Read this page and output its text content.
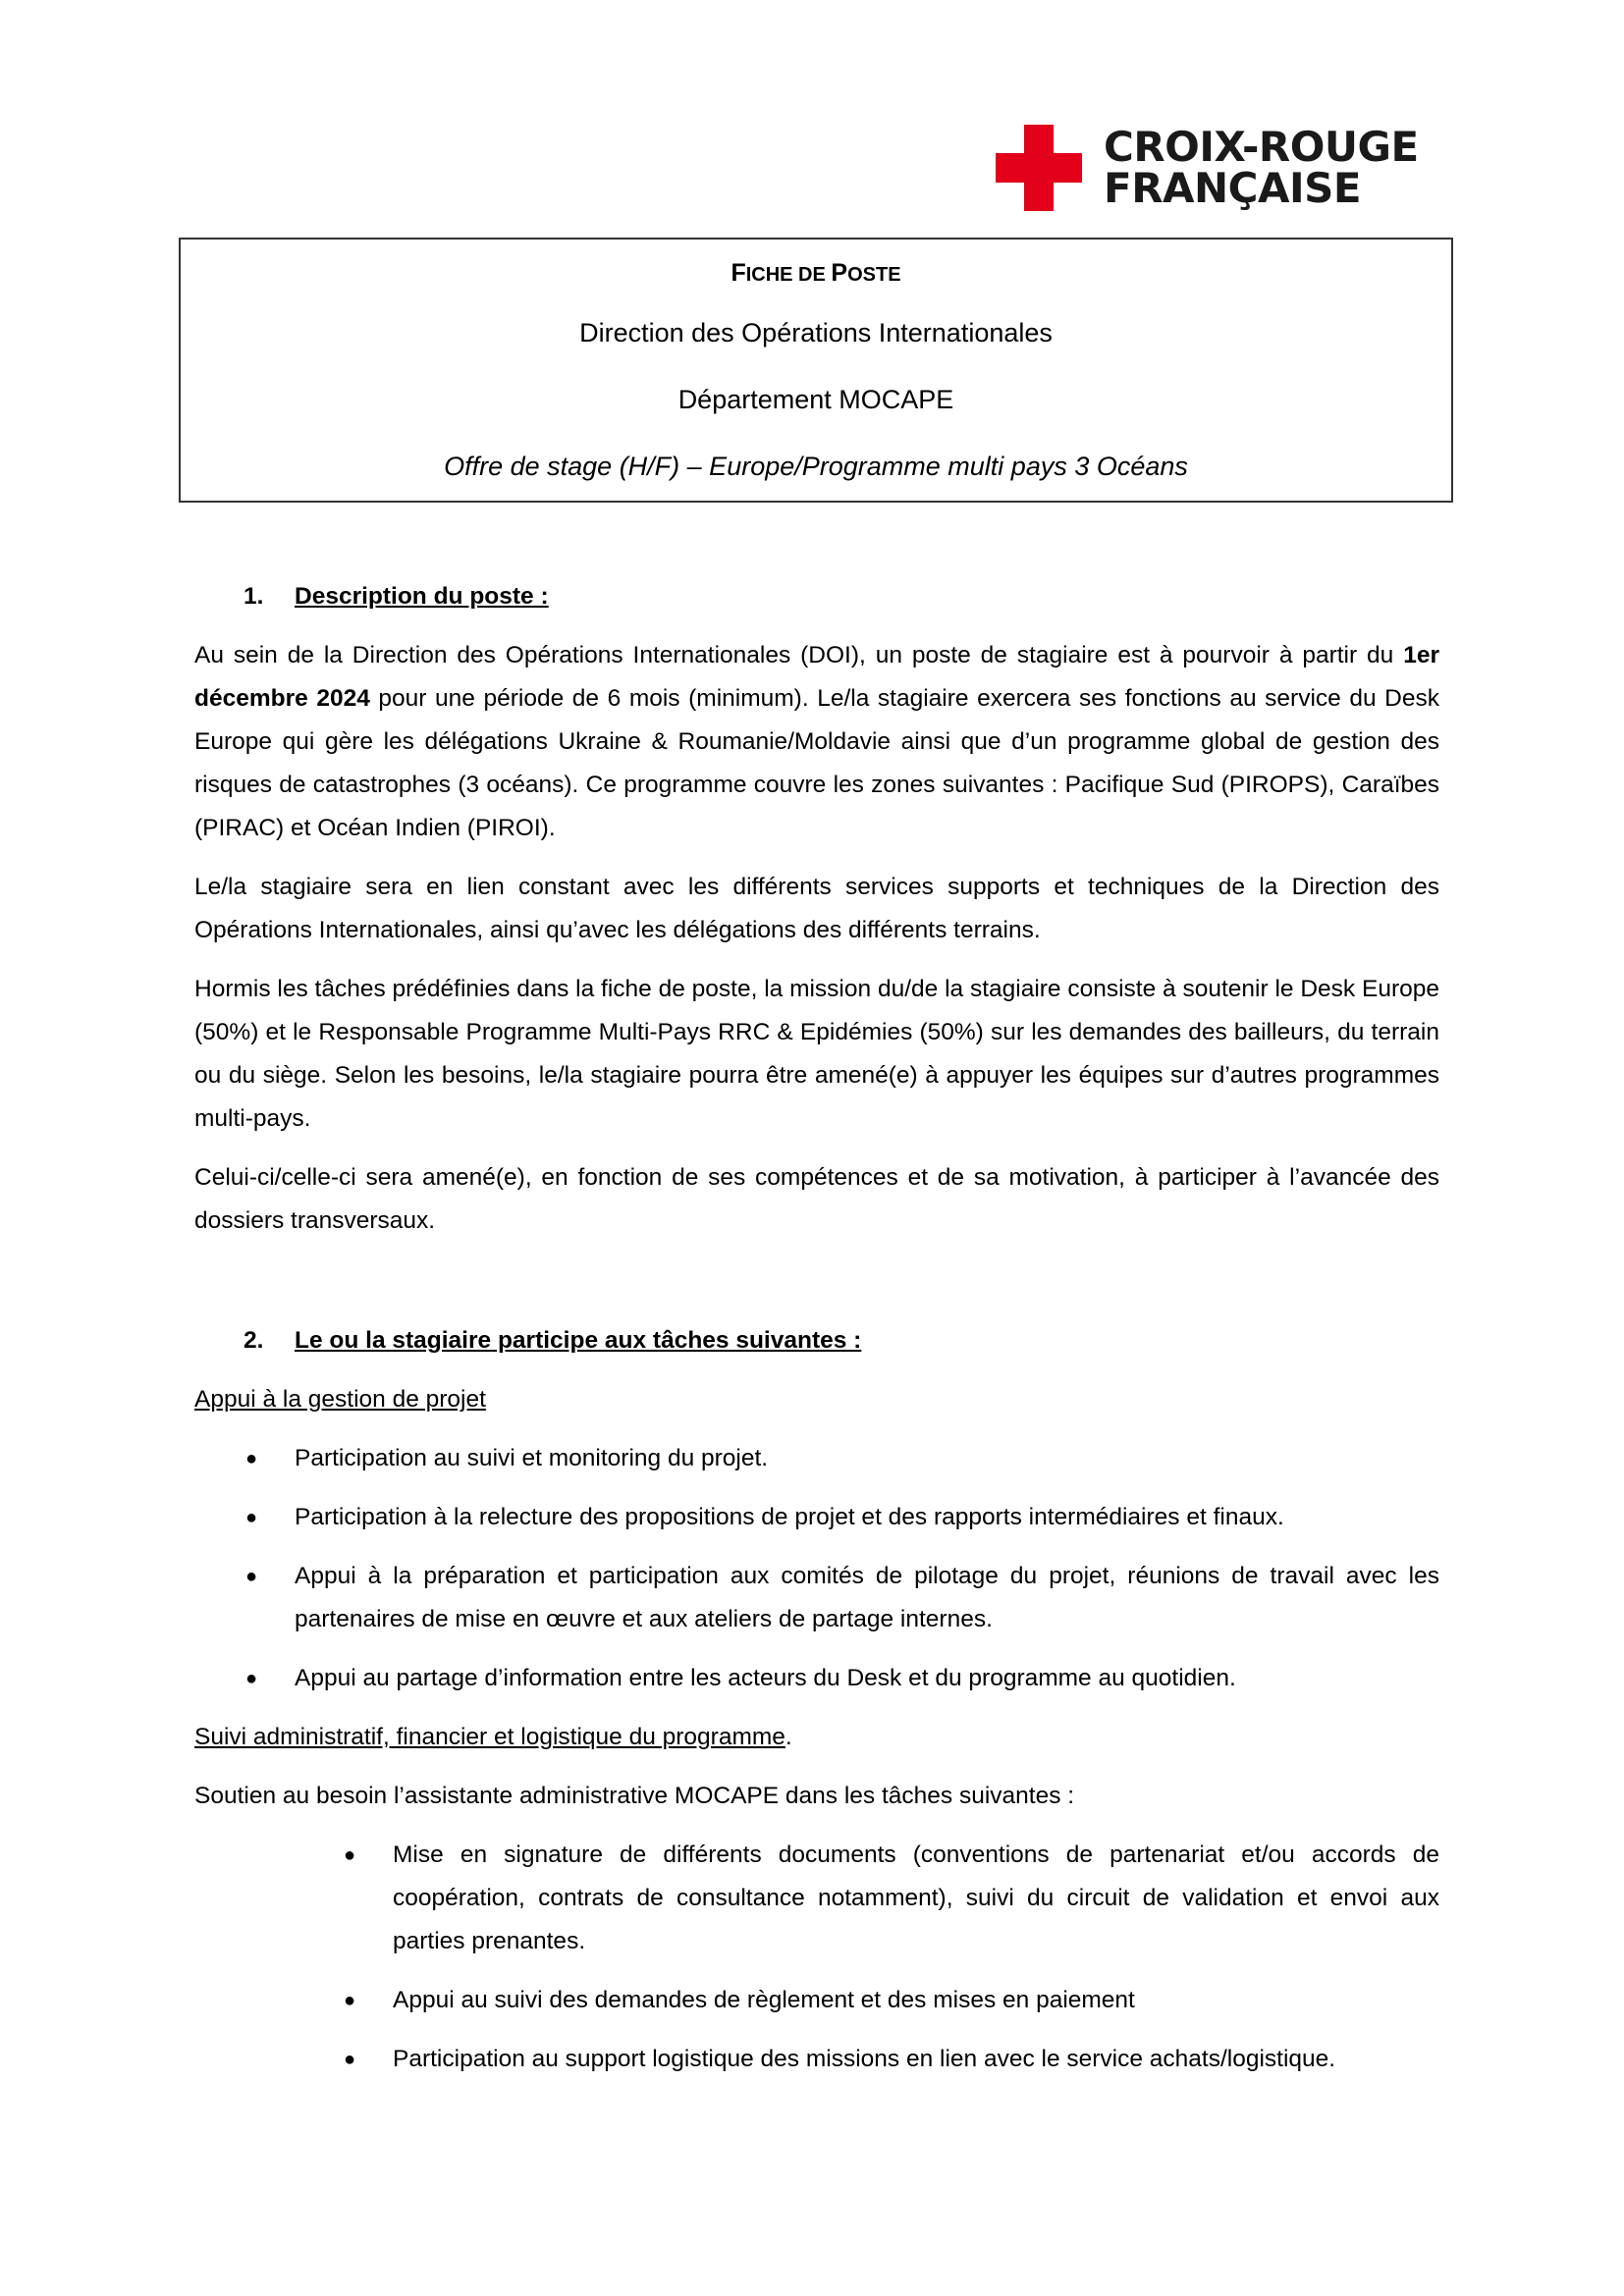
CROIX-ROUGE
FRANÇAISE
FICHE DE POSTE
Direction des Opérations Internationales
Département MOCAPE
Offre de stage (H/F) – Europe/Programme multi pays 3 Océans
1.	Description du poste :

Au sein de la Direction des Opérations Internationales (DOI), un poste de stagiaire est à pourvoir à partir du 1er décembre 2024 pour une période de 6 mois (minimum). Le/la stagiaire exercera ses fonctions au service du Desk Europe qui gère les délégations Ukraine & Roumanie/Moldavie ainsi que d’un programme global de gestion des risques de catastrophes (3 océans). Ce programme couvre les zones suivantes : Pacifique Sud (PIROPS), Caraïbes (PIRAC) et Océan Indien (PIROI).

Le/la stagiaire sera en lien constant avec les différents services supports et techniques de la Direction des Opérations Internationales, ainsi qu’avec les délégations des différents terrains.

Hormis les tâches prédéfinies dans la fiche de poste, la mission du/de la stagiaire consiste à soutenir le Desk Europe (50%) et le Responsable Programme Multi-Pays RRC & Epidémies (50%) sur les demandes des bailleurs, du terrain ou du siège. Selon les besoins, le/la stagiaire pourra être amené(e) à appuyer les équipes sur d’autres programmes multi-pays.

Celui-ci/celle-ci sera amené(e), en fonction de ses compétences et de sa motivation, à participer à l’avancée des dossiers transversaux.

2.	Le ou la stagiaire participe aux tâches suivantes :

Appui à la gestion de projet

● Participation au suivi et monitoring du projet.
● Participation à la relecture des propositions de projet et des rapports intermédiaires et finaux.
● Appui à la préparation et participation aux comités de pilotage du projet, réunions de travail avec les partenaires de mise en œuvre et aux ateliers de partage internes.
● Appui au partage d’information entre les acteurs du Desk et du programme au quotidien.

Suivi administratif, financier et logistique du programme.

Soutien au besoin l’assistante administrative MOCAPE dans les tâches suivantes :

● Mise en signature de différents documents (conventions de partenariat et/ou accords de coopération, contrats de consultance notamment), suivi du circuit de validation et envoi aux parties prenantes.
● Appui au suivi des demandes de règlement et des mises en paiement
● Participation au support logistique des missions en lien avec le service achats/logistique.
